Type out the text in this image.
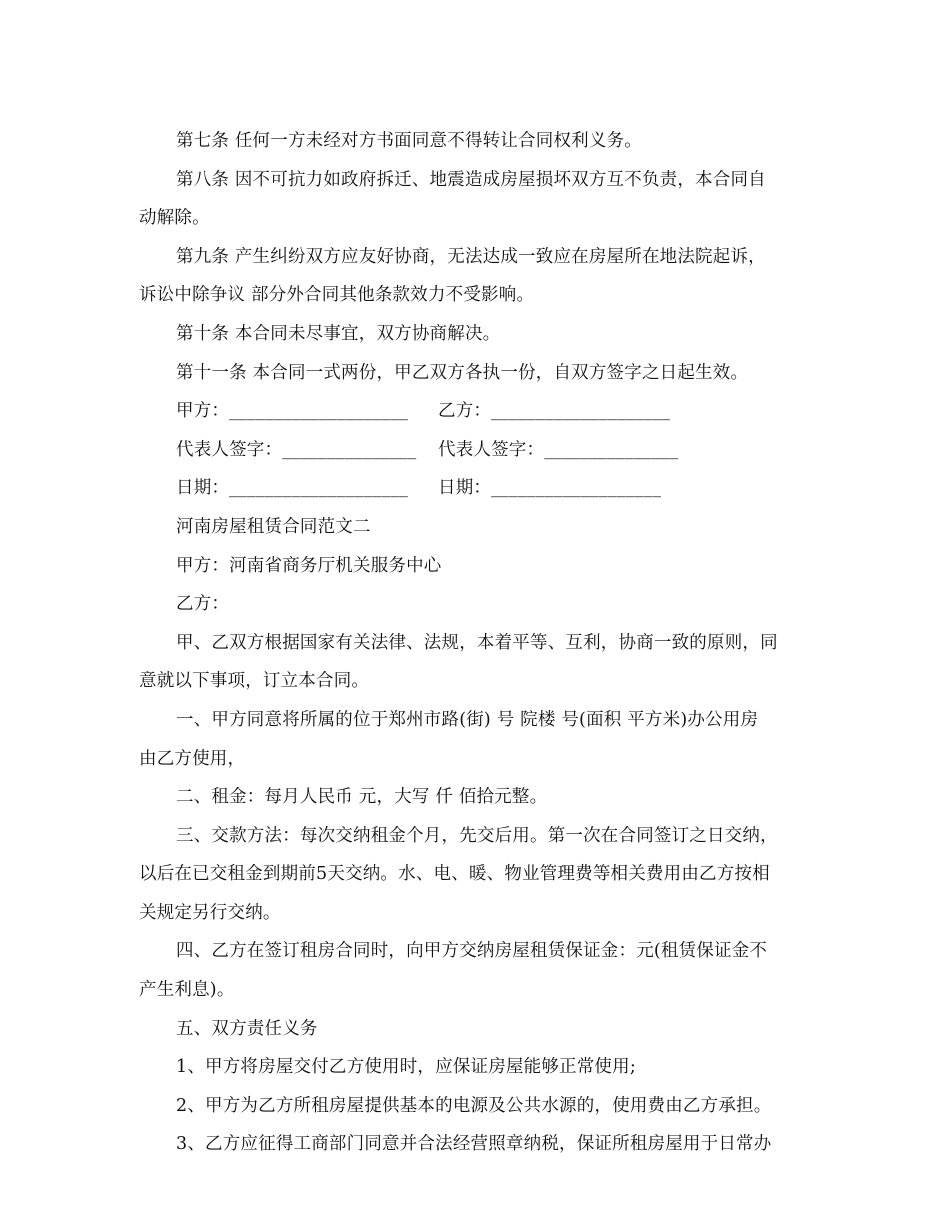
第七条 任何一方未经对方书面同意不得转让合同权利义务。
第八条 因不可抗力如政府拆迁、地震造成房屋损坏双方互不负责，本合同自
动解除。
第九条 产生纠纷双方应友好协商，无法达成一致应在房屋所在地法院起诉，
诉讼中除争议 部分外合同其他条款效力不受影响。
第十条 本合同未尽事宜，双方协商解决。
第十一条 本合同一式两份，甲乙双方各执一份，自双方签字之日起生效。
甲方：____________________	乙方：____________________
代表人签字：_______________	代表人签字：_______________
日期：____________________	日期：___________________
河南房屋租赁合同范文二
甲方：河南省商务厅机关服务中心
乙方：
甲、乙双方根据国家有关法律、法规，本着平等、互利，协商一致的原则，同
意就以下事项，订立本合同。
一、甲方同意将所属的位于郑州市路(街) 号 院楼 号(面积 平方米)办公用房
由乙方使用，
二、租金：每月人民币 元，大写 仟 佰拾元整。
三、交款方法：每次交纳租金个月，先交后用。第一次在合同签订之日交纳，
以后在已交租金到期前5天交纳。水、电、暖、物业管理费等相关费用由乙方按相
关规定另行交纳。
四、乙方在签订租房合同时，向甲方交纳房屋租赁保证金：元(租赁保证金不
产生利息)。
五、双方责任义务
1、甲方将房屋交付乙方使用时，应保证房屋能够正常使用;
2、甲方为乙方所租房屋提供基本的电源及公共水源的，使用费由乙方承担。
3、乙方应征得工商部门同意并合法经营照章纳税，保证所租房屋用于日常办
